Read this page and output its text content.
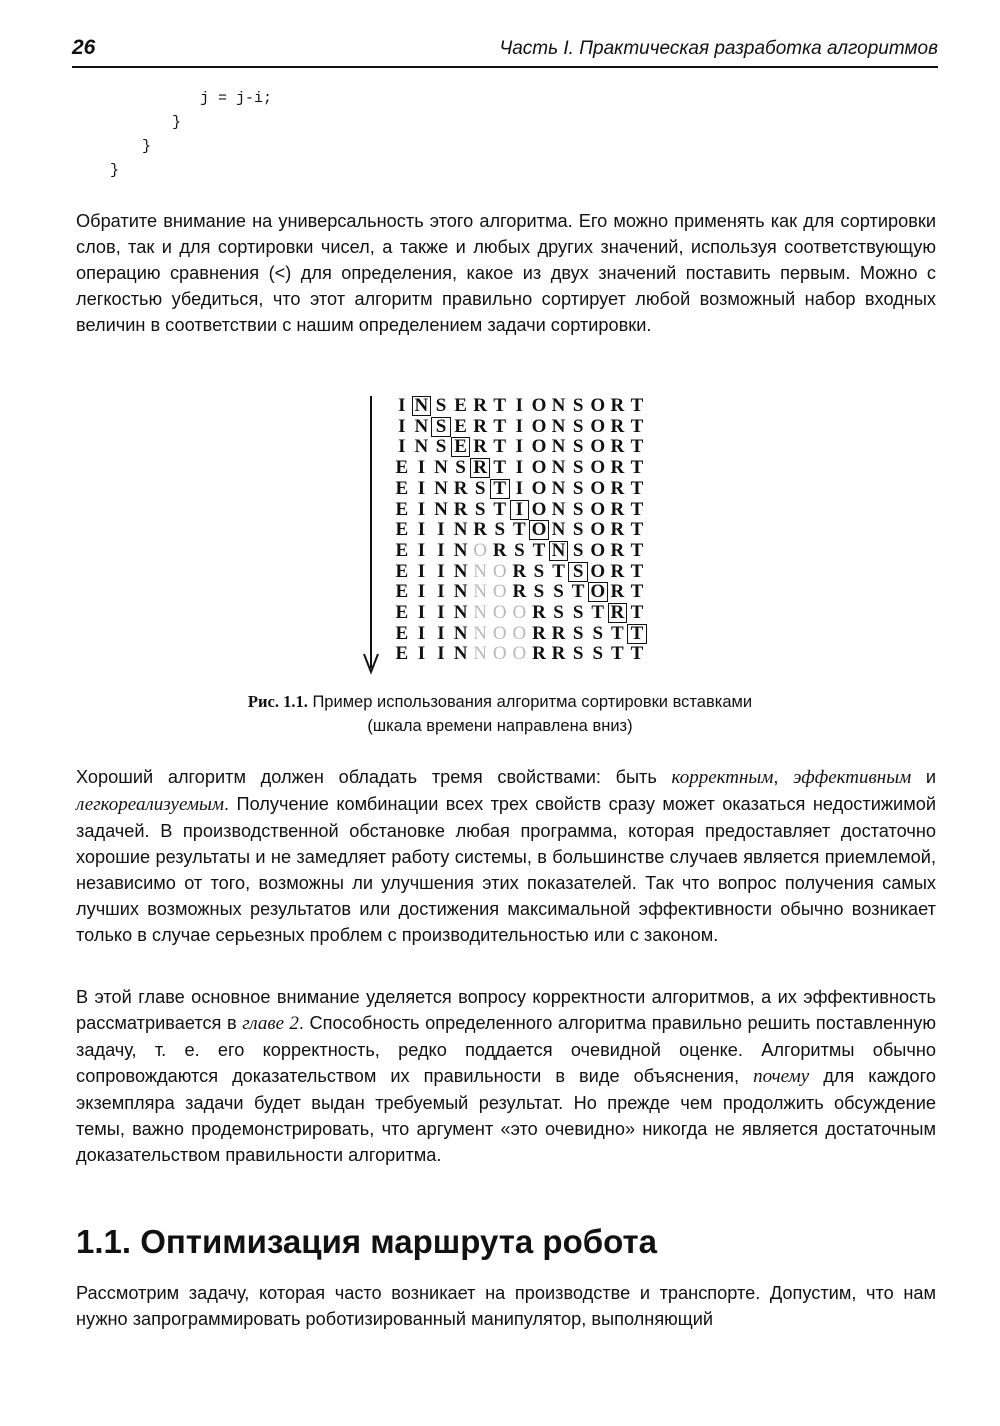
26	Часть I. Практическая разработка алгоритмов
j = j-i;
}
}
}

Обратите внимание на универсальность этого алгоритма. Его можно применять как для сортировки слов, так и для сортировки чисел, а также и любых других значений, используя соответствующую операцию сравнения (<) для определения, какое из двух значений поставить первым. Можно с легкостью убедиться, что этот алгоритм правильно сортирует любой возможный набор входных величин в соответствии с нашим определением задачи сортировки.

I N S E R T I O N S O R T
I N S E R T I O N S O R T
I N S E R T I O N S O R T
E I N S R T I O N S O R T
E I N R S T I O N S O R T
E I N R S T I O N S O R T
E I I N R S T O N S O R T
E I I N O R S T N S O R T
E I I N N O R S T S O R T
E I I N N O R S S T O R T
E I I N N O O R S S T R T
E I I N N O O R R S S T T
E I I N N O O R R S S T T
Рис. 1.1. Пример использования алгоритма сортировки вставками
(шкала времени направлена вниз)

Хороший алгоритм должен обладать тремя свойствами: быть корректным, эффективным и легкореализуемым. Получение комбинации всех трех свойств сразу может оказаться недостижимой задачей. В производственной обстановке любая программа, которая предоставляет достаточно хорошие результаты и не замедляет работу системы, в большинстве случаев является приемлемой, независимо от того, возможны ли улучшения этих показателей. Так что вопрос получения самых лучших возможных результатов или достижения максимальной эффективности обычно возникает только в случае серьезных проблем с производительностью или с законом.

В этой главе основное внимание уделяется вопросу корректности алгоритмов, а их эффективность рассматривается в главе 2. Способность определенного алгоритма правильно решить поставленную задачу, т. е. его корректность, редко поддается очевидной оценке. Алгоритмы обычно сопровождаются доказательством их правильности в виде объяснения, почему для каждого экземпляра задачи будет выдан требуемый результат. Но прежде чем продолжить обсуждение темы, важно продемонстрировать, что аргумент «это очевидно» никогда не является достаточным доказательством правильности алгоритма.

1.1. Оптимизация маршрута робота

Рассмотрим задачу, которая часто возникает на производстве и транспорте. Допустим, что нам нужно запрограммировать роботизированный манипулятор, выполняющий
